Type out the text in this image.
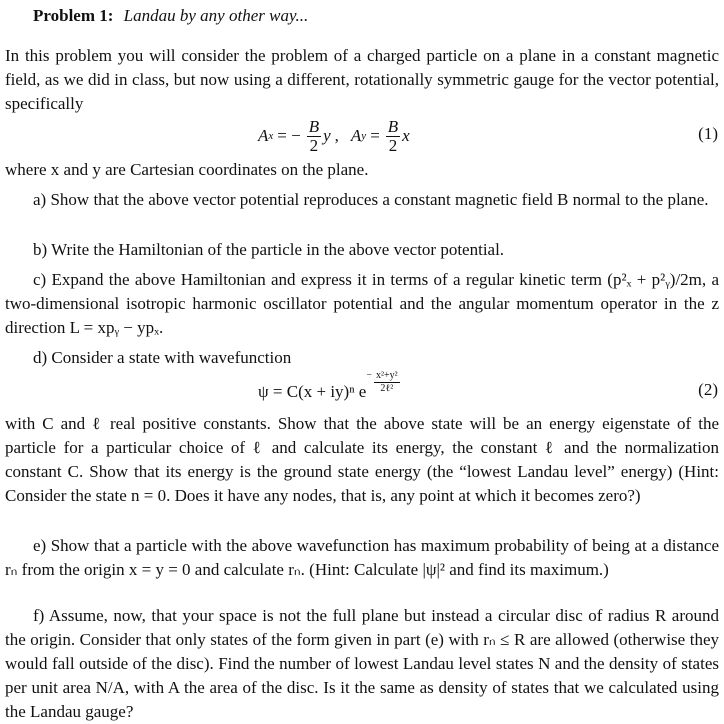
Problem 1: Landau by any other way...
In this problem you will consider the problem of a charged particle on a plane in a constant magnetic field, as we did in class, but now using a different, rotationally symmetric gauge for the vector potential, specifically
A x = − $\frac{B}{2}$ y , A $y = \frac{B}{2}$ x	(1)
where x and y are Cartesian coordinates on the plane.
a) Show that the above vector potential reproduces a constant magnetic field B normal to the plane.
b) Write the Hamiltonian of the particle in the above vector potential.
c) Expand the above Hamiltonian and express it in terms of a regular kinetic term (p²ₓ + p²ᵧ)/2m, a two-dimensional isotropic harmonic oscillator potential and the angular momentum operator in the z direction L = xpᵧ − ypₓ.
d) Consider a state with wavefunction
ψ = C(x + iy)ⁿ e
− $\frac{\text{x²+y²}}{\text{2ℓ²}}$	(2)
with C and ℓ real positive constants. Show that the above state will be an energy eigenstate of the particle for a particular choice of ℓ and calculate its energy, the constant ℓ and the normalization constant C. Show that its energy is the ground state energy (the “lowest Landau level” energy) (Hint: Consider the state n = 0. Does it have any nodes, that is, any point at which it becomes zero?)
e) Show that a particle with the above wavefunction has maximum probability of being at a distance rₙ from the origin x = y = 0 and calculate rₙ. (Hint: Calculate |ψ|² and find its maximum.)
f) Assume, now, that your space is not the full plane but instead a circular disc of radius R around the origin. Consider that only states of the form given in part (e) with rₙ ≤ R are allowed (otherwise they would fall outside of the disc). Find the number of lowest Landau level states N and the density of states per unit area N/A, with A the area of the disc. Is it the same as density of states that we calculated using the Landau gauge?
